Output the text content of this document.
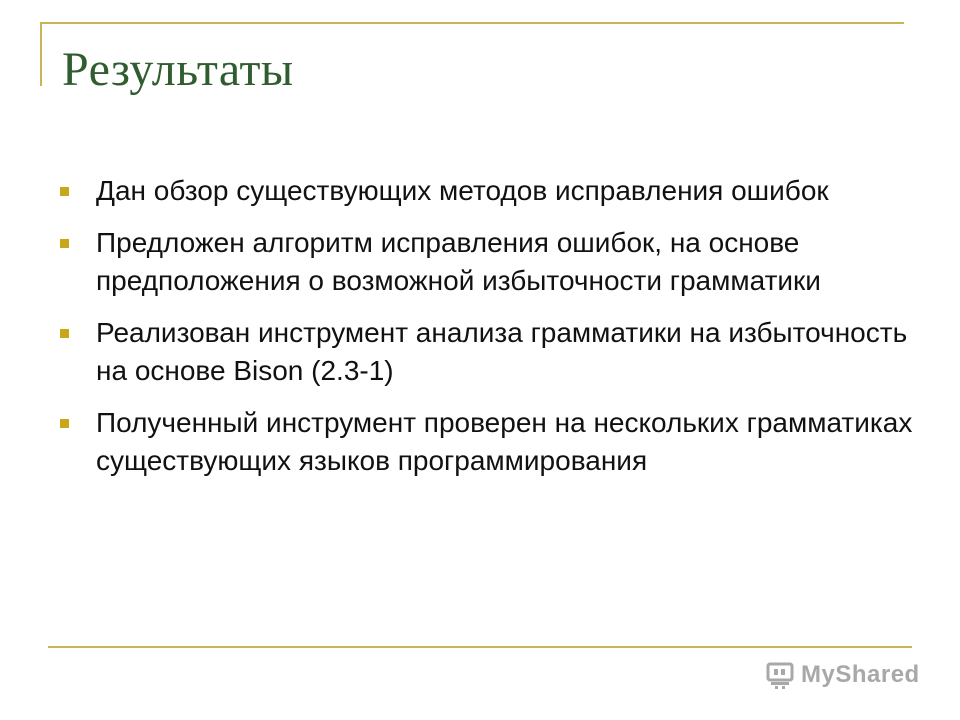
Результаты
Дан обзор существующих методов исправления ошибок
Предложен алгоритм исправления ошибок, на основе предположения о возможной избыточности грамматики
Реализован инструмент анализа грамматики на избыточность на основе Bison (2.3-1)
Полученный инструмент проверен на нескольких грамматиках существующих языков программирования
MyShared
